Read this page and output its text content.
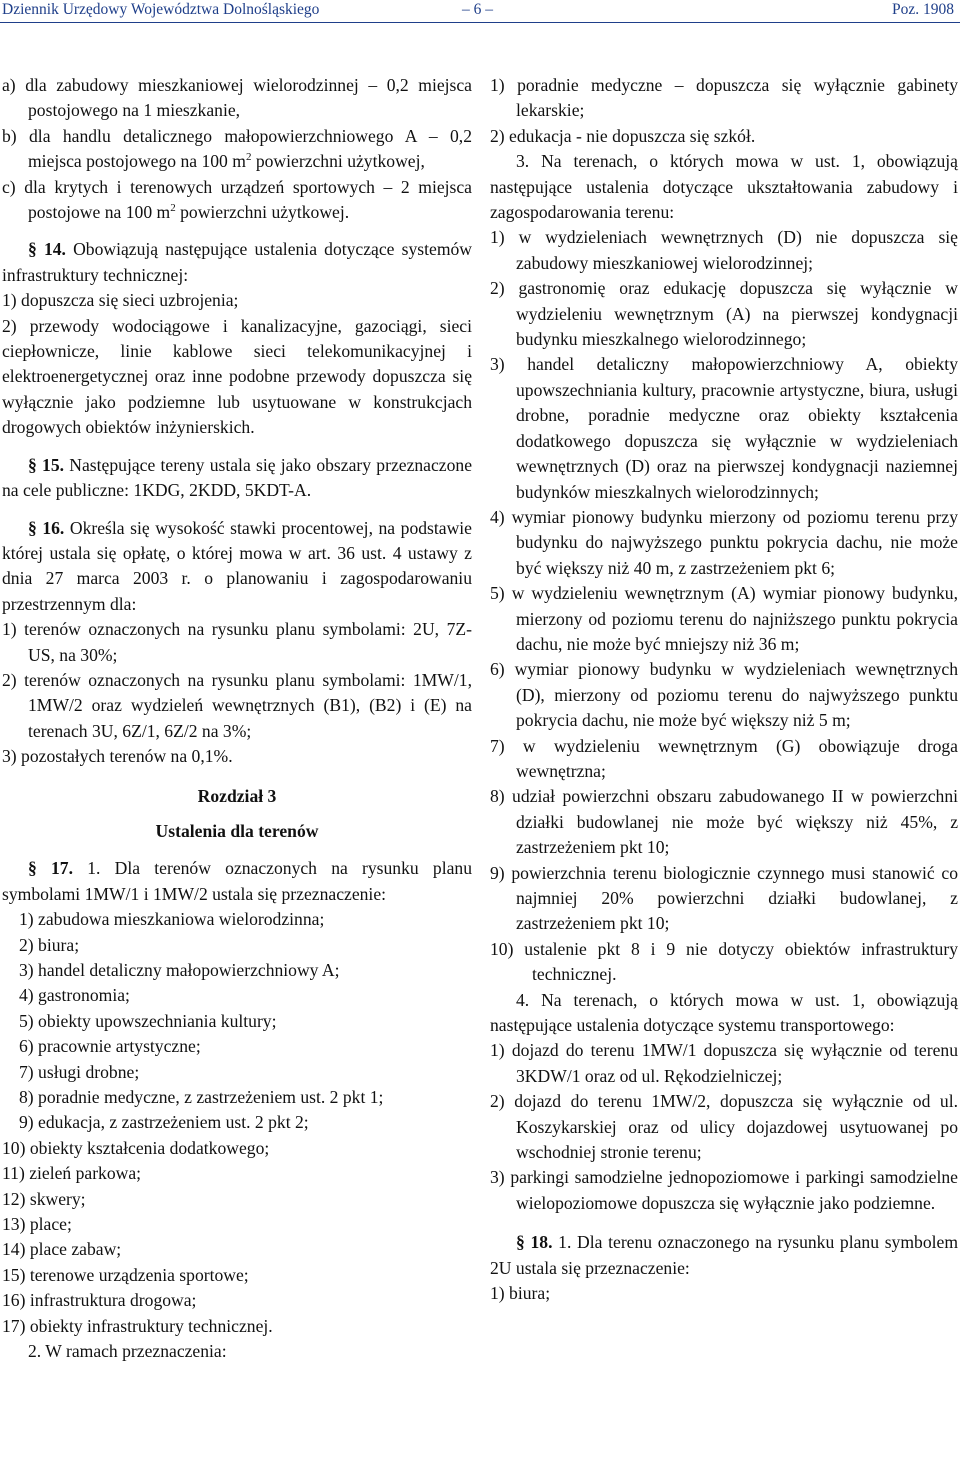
Dziennik Urzędowy Województwa Dolnośląskiego	– 6 –	Poz. 1908

a) dla zabudowy mieszkaniowej wielorodzinnej – 0,2 miejsca postojowego na 1 mieszkanie,

b) dla handlu detalicznego małopowierzchniowego A – 0,2 miejsca postojowego na 100 $m^2$ powierzchni użytkowej,

c) dla krytych i terenowych urządzeń sportowych – 2 miejsca postojowe na 100 $m^2$ powierzchni użytkowej.

§ 14. Obowiązują następujące ustalenia dotyczące systemów infrastruktury technicznej:

1) dopuszcza się sieci uzbrojenia;

2) przewody wodociągowe i kanalizacyjne, gazociągi, sieci ciepłownicze, linie kablowe sieci telekomunikacyjnej i elektroenergetycznej oraz inne podobne przewody dopuszcza się wyłącznie jako podziemne lub usytuowane w konstrukcjach drogowych obiektów inżynierskich.

§ 15. Następujące tereny ustala się jako obszary przeznaczone na cele publiczne: 1KDG, 2KDD, 5KDT-A.

§ 16. Określa się wysokość stawki procentowej, na podstawie której ustala się opłatę, o której mowa w art. 36 ust. 4 ustawy z dnia 27 marca 2003 r. o planowaniu i zagospodarowaniu przestrzennym dla:

1) terenów oznaczonych na rysunku planu symbolami: 2U, 7Z-US, na 30%;

2) terenów oznaczonych na rysunku planu symbolami: 1MW/1, 1MW/2 oraz wydzieleń wewnętrznych (B1), (B2) i (E) na terenach 3U, 6Z/1, 6Z/2 na 3%;

3) pozostałych terenów na 0,1%.

Rozdział 3

Ustalenia dla terenów

§ 17. 1. Dla terenów oznaczonych na rysunku planu symbolami 1MW/1 i 1MW/2 ustala się przeznaczenie:

1) zabudowa mieszkaniowa wielorodzinna;

2) biura;

3) handel detaliczny małopowierzchniowy A;

4) gastronomia;

5) obiekty upowszechniania kultury;

6) pracownie artystyczne;

7) usługi drobne;

8) poradnie medyczne, z zastrzeżeniem ust. 2 pkt 1;

9) edukacja, z zastrzeżeniem ust. 2 pkt 2;

10) obiekty kształcenia dodatkowego;

11) zieleń parkowa;

12) skwery;

13) place;

14) place zabaw;

15) terenowe urządzenia sportowe;

16) infrastruktura drogowa;

17) obiekty infrastruktury technicznej.

2. W ramach przeznaczenia:

1) poradnie medyczne – dopuszcza się wyłącznie gabinety lekarskie;

2) edukacja - nie dopuszcza się szkół.

3. Na terenach, o których mowa w ust. 1, obowiązują następujące ustalenia dotyczące ukształtowania zabudowy i zagospodarowania terenu:

1) w wydzieleniach wewnętrznych (D) nie dopuszcza się zabudowy mieszkaniowej wielorodzinnej;

2) gastronomię oraz edukację dopuszcza się wyłącznie w wydzieleniu wewnętrznym (A) na pierwszej kondygnacji budynku mieszkalnego wielorodzinnego;

3) handel detaliczny małopowierzchniowy A, obiekty upowszechniania kultury, pracownie artystyczne, biura, usługi drobne, poradnie medyczne oraz obiekty kształcenia dodatkowego dopuszcza się wyłącznie w wydzieleniach wewnętrznych (D) oraz na pierwszej kondygnacji naziemnej budynków mieszkalnych wielorodzinnych;

4) wymiar pionowy budynku mierzony od poziomu terenu przy budynku do najwyższego punktu pokrycia dachu, nie może być większy niż 40 m, z zastrzeżeniem pkt 6;

5) w wydzieleniu wewnętrznym (A) wymiar pionowy budynku, mierzony od poziomu terenu do najniższego punktu pokrycia dachu, nie może być mniejszy niż 36 m;

6) wymiar pionowy budynku w wydzieleniach wewnętrznych (D), mierzony od poziomu terenu do najwyższego punktu pokrycia dachu, nie może być większy niż 5 m;

7) w wydzieleniu wewnętrznym (G) obowiązuje droga wewnętrzna;

8) udział powierzchni obszaru zabudowanego II w powierzchni działki budowlanej nie może być większy niż 45%, z zastrzeżeniem pkt 10;

9) powierzchnia terenu biologicznie czynnego musi stanowić co najmniej 20% powierzchni działki budowlanej, z zastrzeżeniem pkt 10;

10) ustalenie pkt 8 i 9 nie dotyczy obiektów infrastruktury technicznej.

4. Na terenach, o których mowa w ust. 1, obowiązują następujące ustalenia dotyczące systemu transportowego:

1) dojazd do terenu 1MW/1 dopuszcza się wyłącznie od terenu 3KDW/1 oraz od ul. Rękodzielniczej;

2) dojazd do terenu 1MW/2, dopuszcza się wyłącznie od ul. Koszykarskiej oraz od ulicy dojazdowej usytuowanej po wschodniej stronie terenu;

3) parkingi samodzielne jednopoziomowe i parkingi samodzielne wielopoziomowe dopuszcza się wyłącznie jako podziemne.

§ 18. 1. Dla terenu oznaczonego na rysunku planu symbolem 2U ustala się przeznaczenie:

1) biura;
